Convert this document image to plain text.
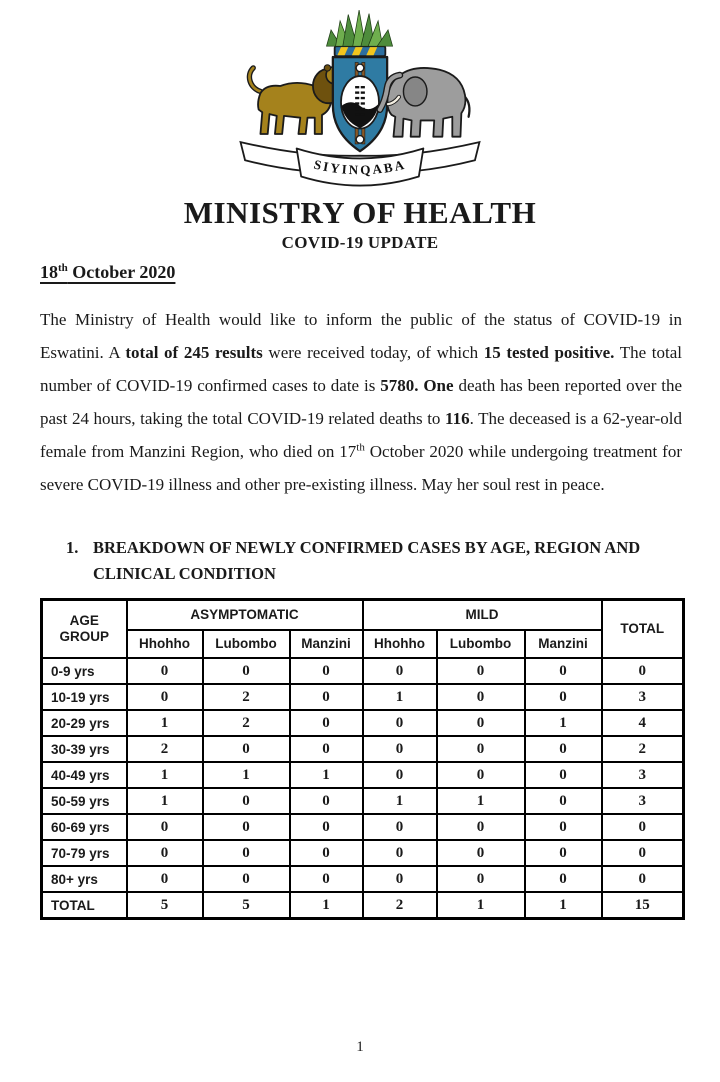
SIYINQABA
MINISTRY OF HEALTH
COVID-19 UPDATE
18th October 2020

The Ministry of Health would like to inform the public of the status of COVID-19 in Eswatini. A total of 245 results were received today, of which 15 tested positive. The total number of COVID-19 confirmed cases to date is 5780. One death has been reported over the past 24 hours, taking the total COVID-19 related deaths to 116. The deceased is a 62-year-old female from Manzini Region, who died on 17th October 2020 while undergoing treatment for severe COVID-19 illness and other pre-existing illness. May her soul rest in peace.

1. BREAKDOWN OF NEWLY CONFIRMED CASES BY AGE, REGION AND
CLINICAL CONDITION
AGE
GROUP	ASYMPTOMATIC			MILD			TOTAL
	Hhohho	Lubombo	Manzini	Hhohho	Lubombo	Manzini	
0-9 yrs	0	0	0	0	0	0	0
10-19 yrs	0	2	0	1	0	0	3
20-29 yrs	1	2	0	0	0	1	4
30-39 yrs	2	0	0	0	0	0	2
40-49 yrs	1	1	1	0	0	0	3
50-59 yrs	1	0	0	1	1	0	3
60-69 yrs	0	0	0	0	0	0	0
70-79 yrs	0	0	0	0	0	0	0
80+ yrs	0	0	0	0	0	0	0
TOTAL	5	5	1	2	1	1	15
1
